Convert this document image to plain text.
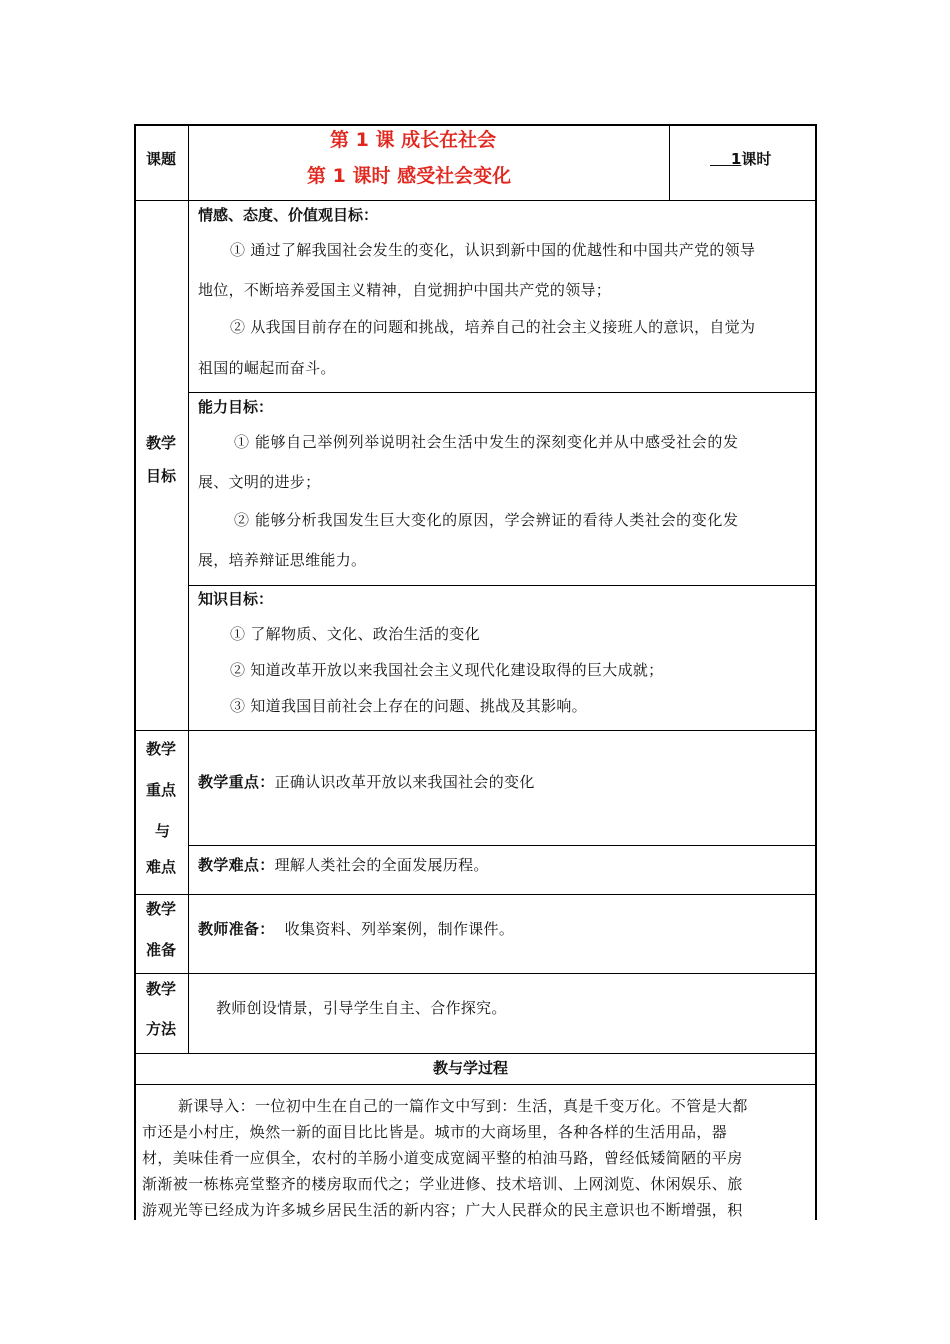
课题
第 1 课 成长在社会
第 1 课时 感受社会变化
1课时
教学
目标
情感、态度、价值观目标：
① 通过了解我国社会发生的变化，认识到新中国的优越性和中国共产党的领导
地位，不断培养爱国主义精神，自觉拥护中国共产党的领导；
② 从我国目前存在的问题和挑战，培养自己的社会主义接班人的意识，自觉为
祖国的崛起而奋斗。
能力目标：
① 能够自己举例列举说明社会生活中发生的深刻变化并从中感受社会的发
展、文明的进步；
② 能够分析我国发生巨大变化的原因，学会辨证的看待人类社会的变化发
展，培养辩证思维能力。
知识目标：
① 了解物质、文化、政治生活的变化
② 知道改革开放以来我国社会主义现代化建设取得的巨大成就；
③ 知道我国目前社会上存在的问题、挑战及其影响。
教学
重点
与
难点
教学重点：正确认识改革开放以来我国社会的变化
教学难点：理解人类社会的全面发展历程。
教学
准备
教师准备： 收集资料、列举案例，制作课件。
教学
方法
教师创设情景，引导学生自主、合作探究。
教与学过程
新课导入：一位初中生在自己的一篇作文中写到：生活，真是千变万化。不管是大都
市还是小村庄，焕然一新的面目比比皆是。城市的大商场里，各种各样的生活用品，器
材，美味佳肴一应俱全，农村的羊肠小道变成宽阔平整的柏油马路，曾经低矮简陋的平房
渐渐被一栋栋亮堂整齐的楼房取而代之；学业进修、技术培训、上网浏览、休闲娱乐、旅
游观光等已经成为许多城乡居民生活的新内容；广大人民群众的民主意识也不断增强，积
